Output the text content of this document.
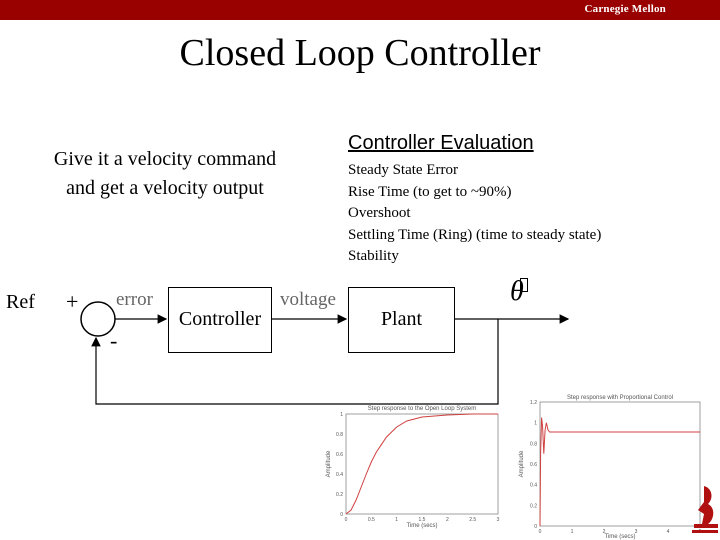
Carnegie Mellon
Closed Loop Controller
Give it a velocity command
and get a velocity output
Controller Evaluation
Steady State Error
Rise Time (to get to ~90%)
Overshoot
Settling Time (Ring) (time to steady state)
Stability
Ref +
-
error	voltage
Controller	Plant
θ
Step response to the Open Loop System
Time (secs)
Amplitude
0	0.5	1	1.5	2	2.5	3
0
0.2
0.4
0.6
0.8
1
Step response with Proportional Control
Time (secs)
Amplitude
0	1	2	3	4
0
0.2
0.4
0.6
0.8
1
1.2
